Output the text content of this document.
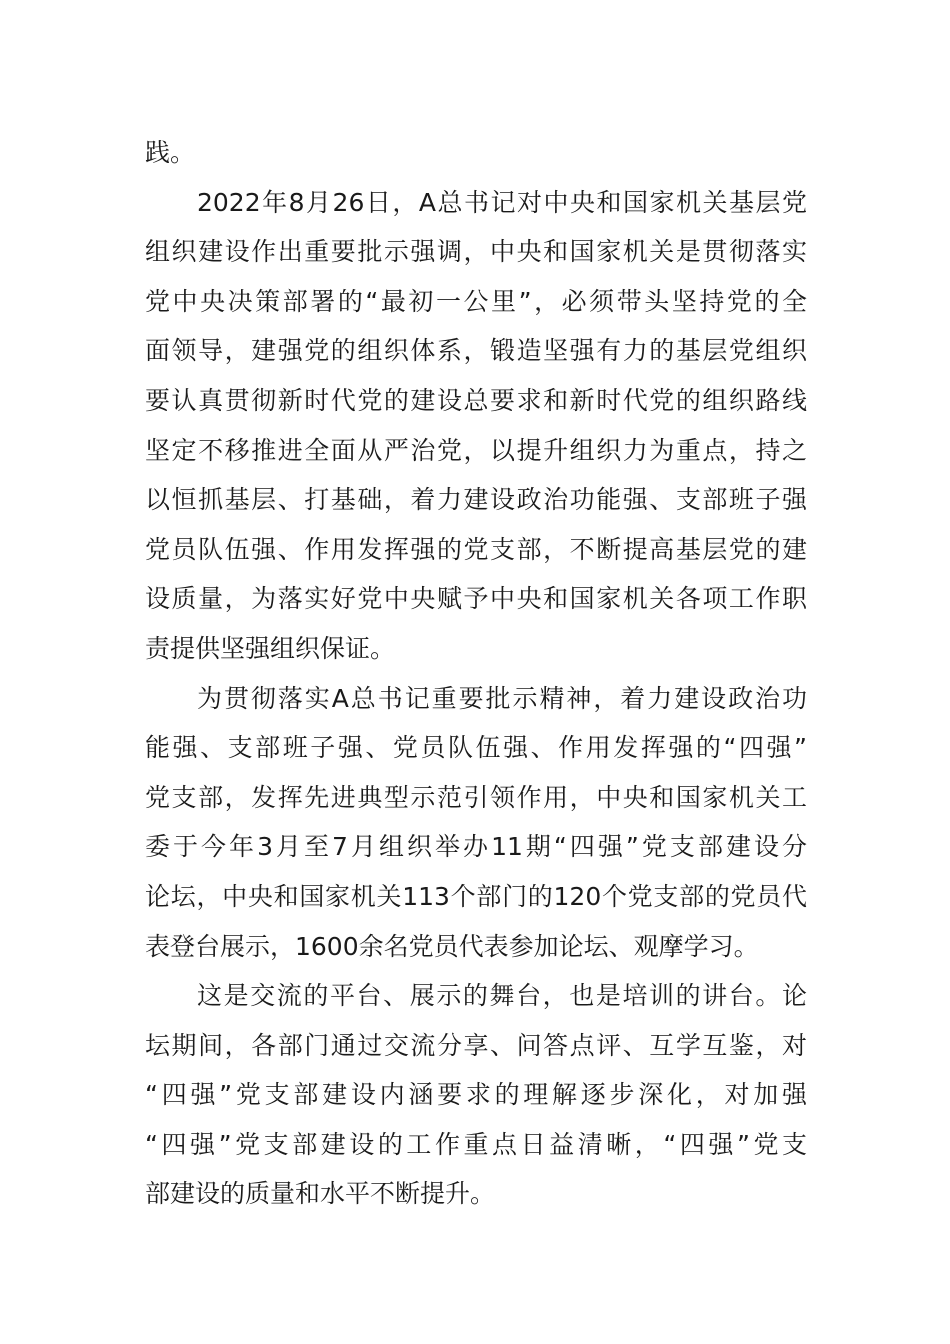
践。
2022年8月26日，A总书记对中央和国家机关基层党
组织建设作出重要批示强调，中央和国家机关是贯彻落实
党中央决策部署的“最初一公里”，必须带头坚持党的全
面领导，建强党的组织体系，锻造坚强有力的基层党组织
要认真贯彻新时代党的建设总要求和新时代党的组织路线
坚定不移推进全面从严治党，以提升组织力为重点，持之
以恒抓基层、打基础，着力建设政治功能强、支部班子强
党员队伍强、作用发挥强的党支部，不断提高基层党的建
设质量，为落实好党中央赋予中央和国家机关各项工作职
责提供坚强组织保证。
为贯彻落实A总书记重要批示精神，着力建设政治功
能强、支部班子强、党员队伍强、作用发挥强的“四强”
党支部，发挥先进典型示范引领作用，中央和国家机关工
委于今年3月至7月组织举办11期“四强”党支部建设分
论坛，中央和国家机关113个部门的120个党支部的党员代
表登台展示，1600余名党员代表参加论坛、观摩学习。
这是交流的平台、展示的舞台，也是培训的讲台。论
坛期间，各部门通过交流分享、问答点评、互学互鉴，对
“四强”党支部建设内涵要求的理解逐步深化，对加强
“四强”党支部建设的工作重点日益清晰，“四强”党支
部建设的质量和水平不断提升。
